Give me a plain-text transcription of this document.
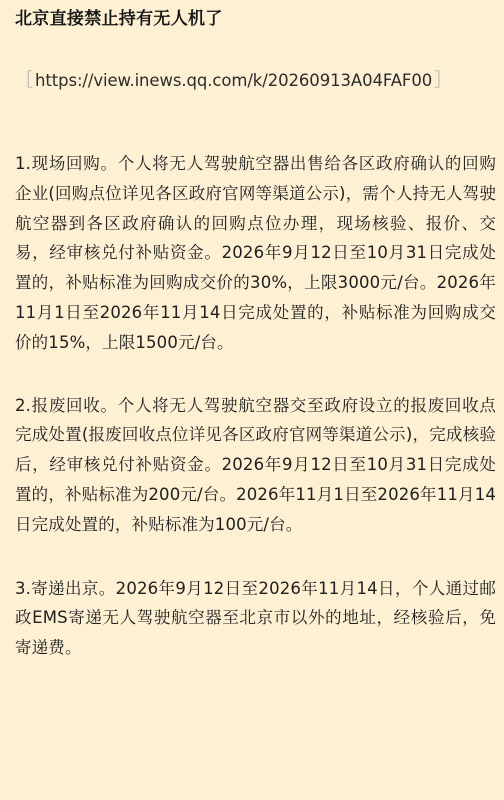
北京直接禁止持有无人机了
［ https://view.inews.qq.com/k/20260913A04FAF00 ］

1.现场回购。个人将无人驾驶航空器出售给各区政府确认的回购企业(回购点位详见各区政府官网等渠道公示)，需个人持无人驾驶航空器到各区政府确认的回购点位办理，现场核验、报价、交易，经审核兑付补贴资金。2026年9月12日至10月31日完成处置的，补贴标准为回购成交价的30%，上限3000元/台。2026年11月1日至2026年11月14日完成处置的，补贴标准为回购成交价的15%，上限1500元/台。

2.报废回收。个人将无人驾驶航空器交至政府设立的报废回收点完成处置(报废回收点位详见各区政府官网等渠道公示)，完成核验后，经审核兑付补贴资金。2026年9月12日至10月31日完成处置的，补贴标准为200元/台。2026年11月1日至2026年11月14日完成处置的，补贴标准为100元/台。

3.寄递出京。2026年9月12日至2026年11月14日，个人通过邮政EMS寄递无人驾驶航空器至北京市以外的地址，经核验后，免寄递费。
